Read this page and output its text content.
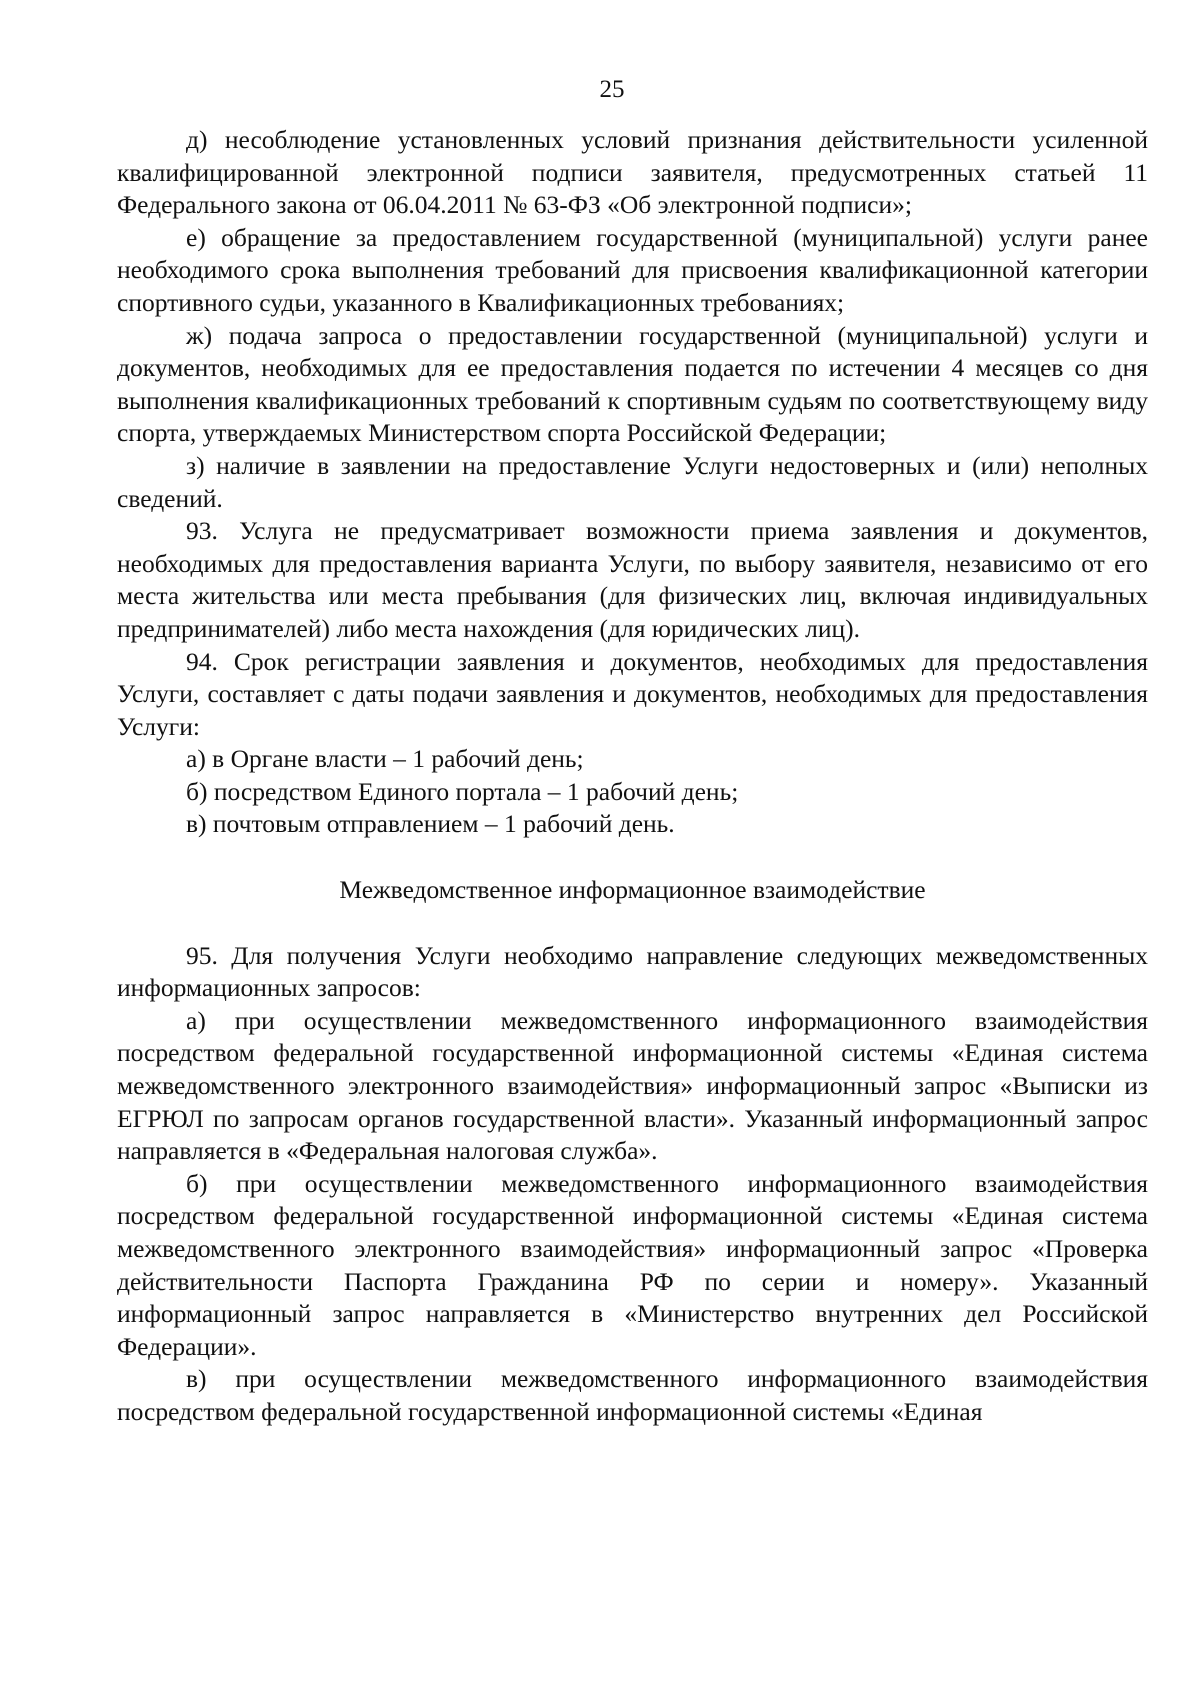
25

д) несоблюдение установленных условий признания действительности усиленной квалифицированной электронной подписи заявителя, предусмотренных статьей 11 Федерального закона от 06.04.2011 № 63-ФЗ «Об электронной подписи»;

е) обращение за предоставлением государственной (муниципальной) услуги ранее необходимого срока выполнения требований для присвоения квалификационной категории спортивного судьи, указанного в Квалификационных требованиях;

ж) подача запроса о предоставлении государственной (муниципальной) услуги и документов, необходимых для ее предоставления подается по истечении 4 месяцев со дня выполнения квалификационных требований к спортивным судьям по соответствующему виду спорта, утверждаемых Министерством спорта Российской Федерации;

з) наличие в заявлении на предоставление Услуги недостоверных и (или) неполных сведений.

93. Услуга не предусматривает возможности приема заявления и документов, необходимых для предоставления варианта Услуги, по выбору заявителя, независимо от его места жительства или места пребывания (для физических лиц, включая индивидуальных предпринимателей) либо места нахождения (для юридических лиц).

94. Срок регистрации заявления и документов, необходимых для предоставления Услуги, составляет с даты подачи заявления и документов, необходимых для предоставления Услуги:

а) в Органе власти – 1 рабочий день;

б) посредством Единого портала – 1 рабочий день;

в) почтовым отправлением – 1 рабочий день.

Межведомственное информационное взаимодействие

95. Для получения Услуги необходимо направление следующих межведомственных информационных запросов:

а) при осуществлении межведомственного информационного взаимодействия посредством федеральной государственной информационной системы «Единая система межведомственного электронного взаимодействия» информационный запрос «Выписки из ЕГРЮЛ по запросам органов государственной власти». Указанный информационный запрос направляется в «Федеральная налоговая служба».

б) при осуществлении межведомственного информационного взаимодействия посредством федеральной государственной информационной системы «Единая система межведомственного электронного взаимодействия» информационный запрос «Проверка действительности Паспорта Гражданина РФ по серии и номеру». Указанный информационный запрос направляется в «Министерство внутренних дел Российской Федерации».

в) при осуществлении межведомственного информационного взаимодействия посредством федеральной государственной информационной системы «Единая
